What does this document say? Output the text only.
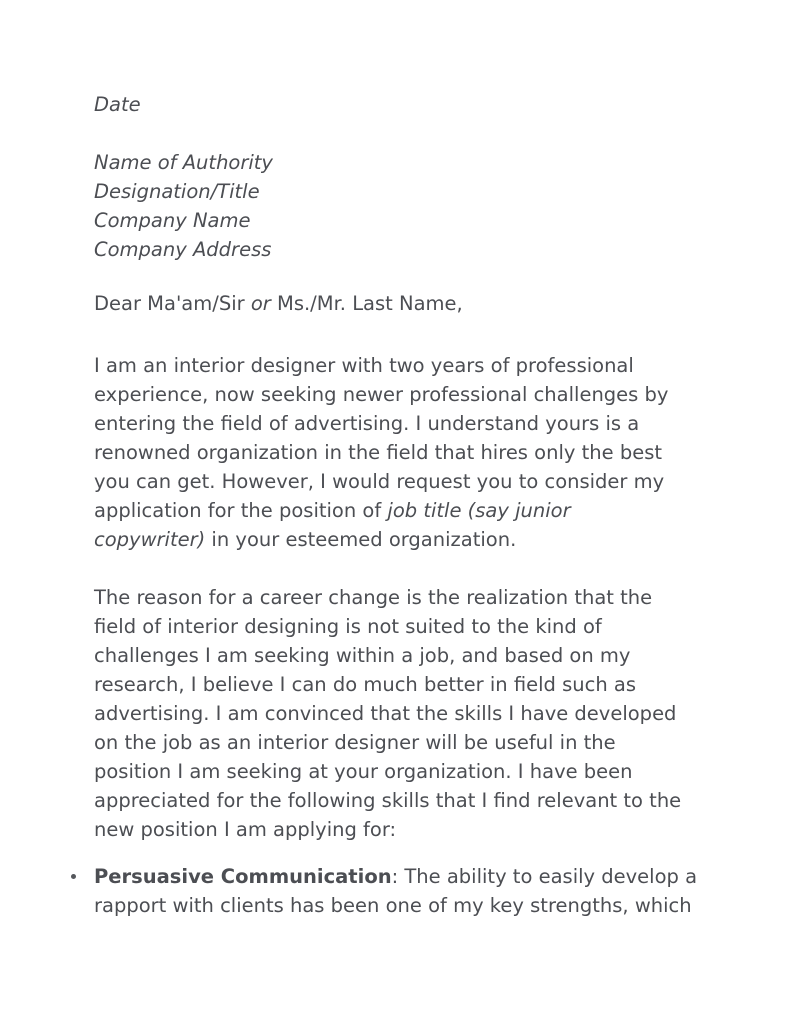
Date
Name of Authority
Designation/Title
Company Name
Company Address
Dear Ma'am/Sir or Ms./Mr. Last Name,
I am an interior designer with two years of professional
experience, now seeking newer professional challenges by
entering the field of advertising. I understand yours is a
renowned organization in the field that hires only the best
you can get. However, I would request you to consider my
application for the position of job title (say junior
copywriter) in your esteemed organization.
The reason for a career change is the realization that the
field of interior designing is not suited to the kind of
challenges I am seeking within a job, and based on my
research, I believe I can do much better in field such as
advertising. I am convinced that the skills I have developed
on the job as an interior designer will be useful in the
position I am seeking at your organization. I have been
appreciated for the following skills that I find relevant to the
new position I am applying for:
Persuasive Communication: The ability to easily develop a
rapport with clients has been one of my key strengths, which
